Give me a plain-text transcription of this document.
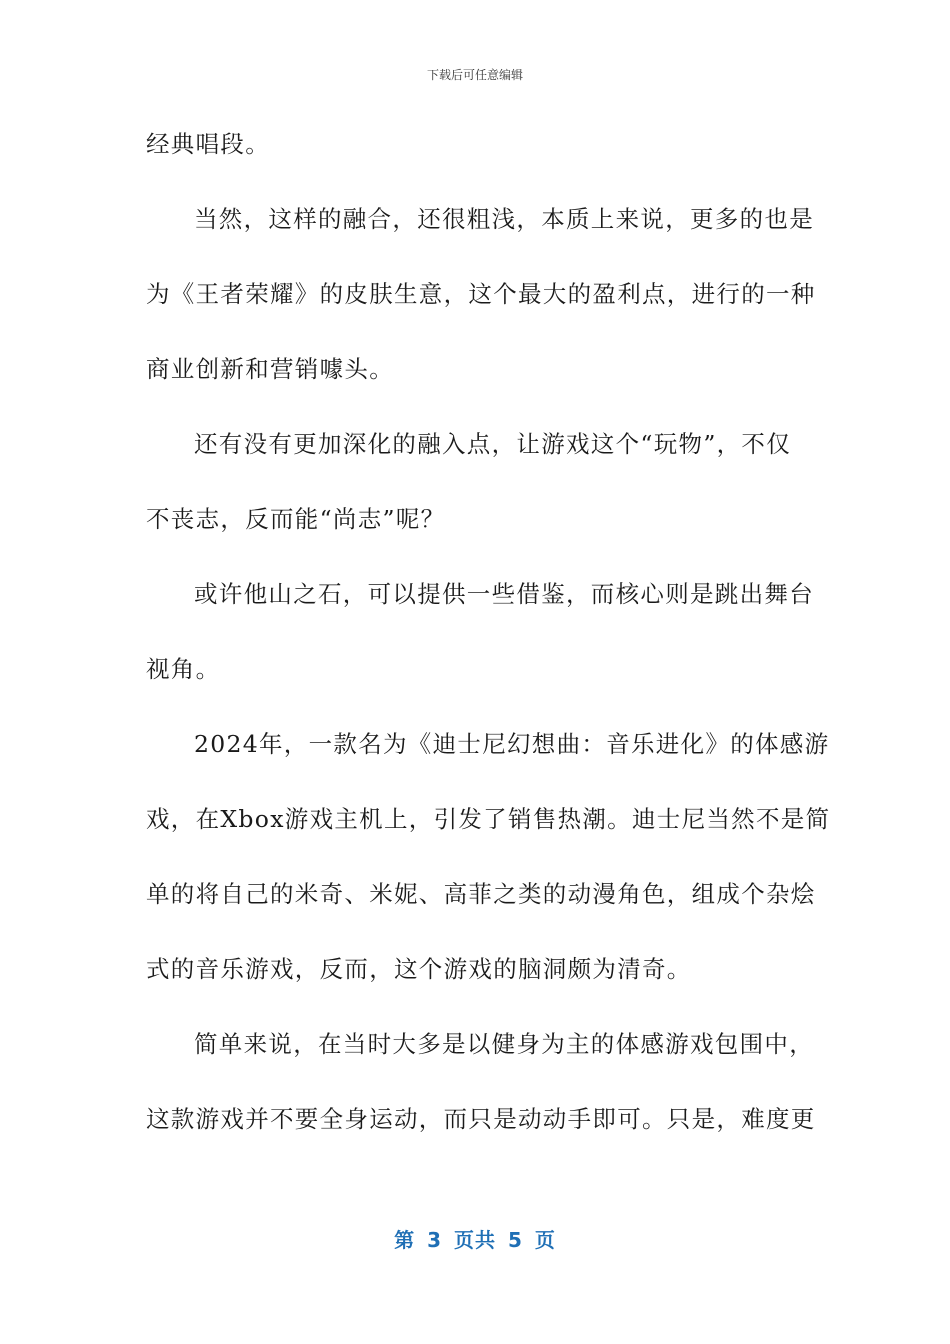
下载后可任意编辑
经典唱段。
当然，这样的融合，还很粗浅，本质上来说，更多的也是
为《王者荣耀》的皮肤生意，这个最大的盈利点，进行的一种
商业创新和营销噱头。
还有没有更加深化的融入点，让游戏这个“玩物”，不仅
不丧志，反而能“尚志”呢？
或许他山之石，可以提供一些借鉴，而核心则是跳出舞台
视角。
2024年，一款名为《迪士尼幻想曲：音乐进化》的体感游
戏，在Xbox游戏主机上，引发了销售热潮。迪士尼当然不是简
单的将自己的米奇、米妮、高菲之类的动漫角色，组成个杂烩
式的音乐游戏，反而，这个游戏的脑洞颇为清奇。
简单来说，在当时大多是以健身为主的体感游戏包围中，
这款游戏并不要全身运动，而只是动动手即可。只是，难度更
第 3 页共 5 页
